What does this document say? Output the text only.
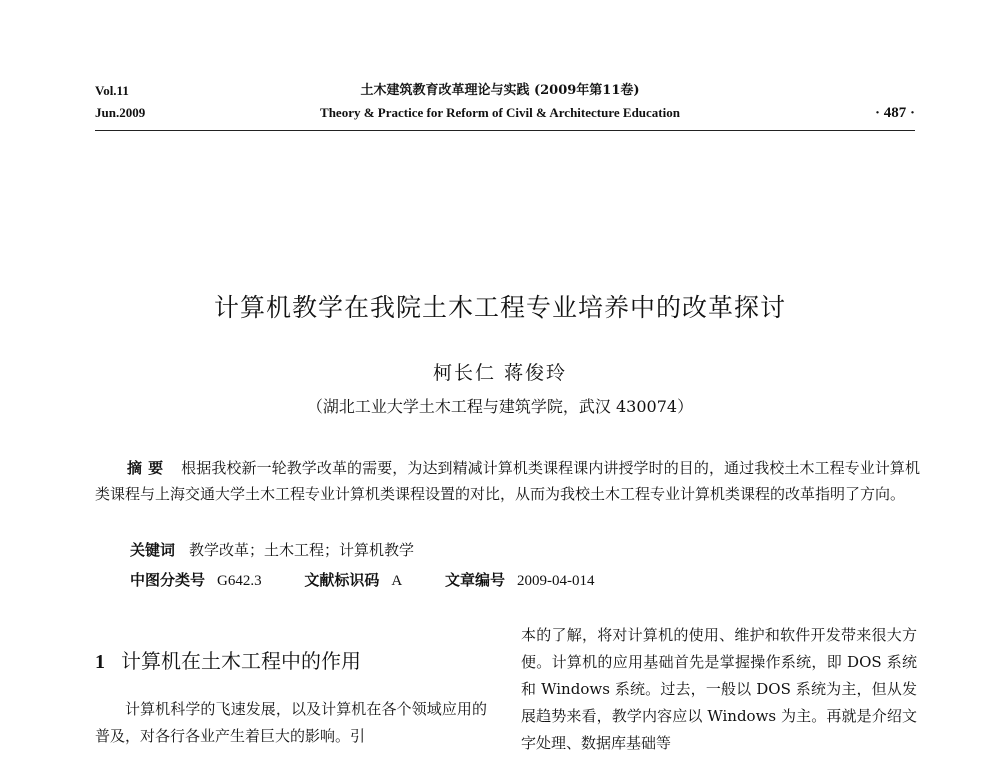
Vol.11
Jun.2009
土木建筑教育改革理论与实践 (2009年第11卷)
Theory & Practice for Reform of Civil & Architecture Education	· 487 ·
计算机教学在我院土木工程专业培养中的改革探讨
柯长仁 蒋俊玲
（湖北工业大学土木工程与建筑学院，武汉 430074）
摘要 根据我校新一轮教学改革的需要，为达到精减计算机类课程课内讲授学时的目的，通过我校土木工程专业计算机类课程与上海交通大学土木工程专业计算机类课程设置的对比，从而为我校土木工程专业计算机类课程的改革指明了方向。
关键词 教学改革；土木工程；计算机教学
中图分类号 G642.3	文献标识码 A	文章编号 2009-04-014
1 计算机在土木工程中的作用
计算机科学的飞速发展，以及计算机在各个领域应用的普及，对各行各业产生着巨大的影响。引
本的了解，将对计算机的使用、维护和软件开发带来很大方便。计算机的应用基础首先是掌握操作系统，即 DOS 系统和 Windows 系统。过去，一般以 DOS 系统为主，但从发展趋势来看，教学内容应以 Windows 为主。再就是介绍文字处理、数据库基础等
